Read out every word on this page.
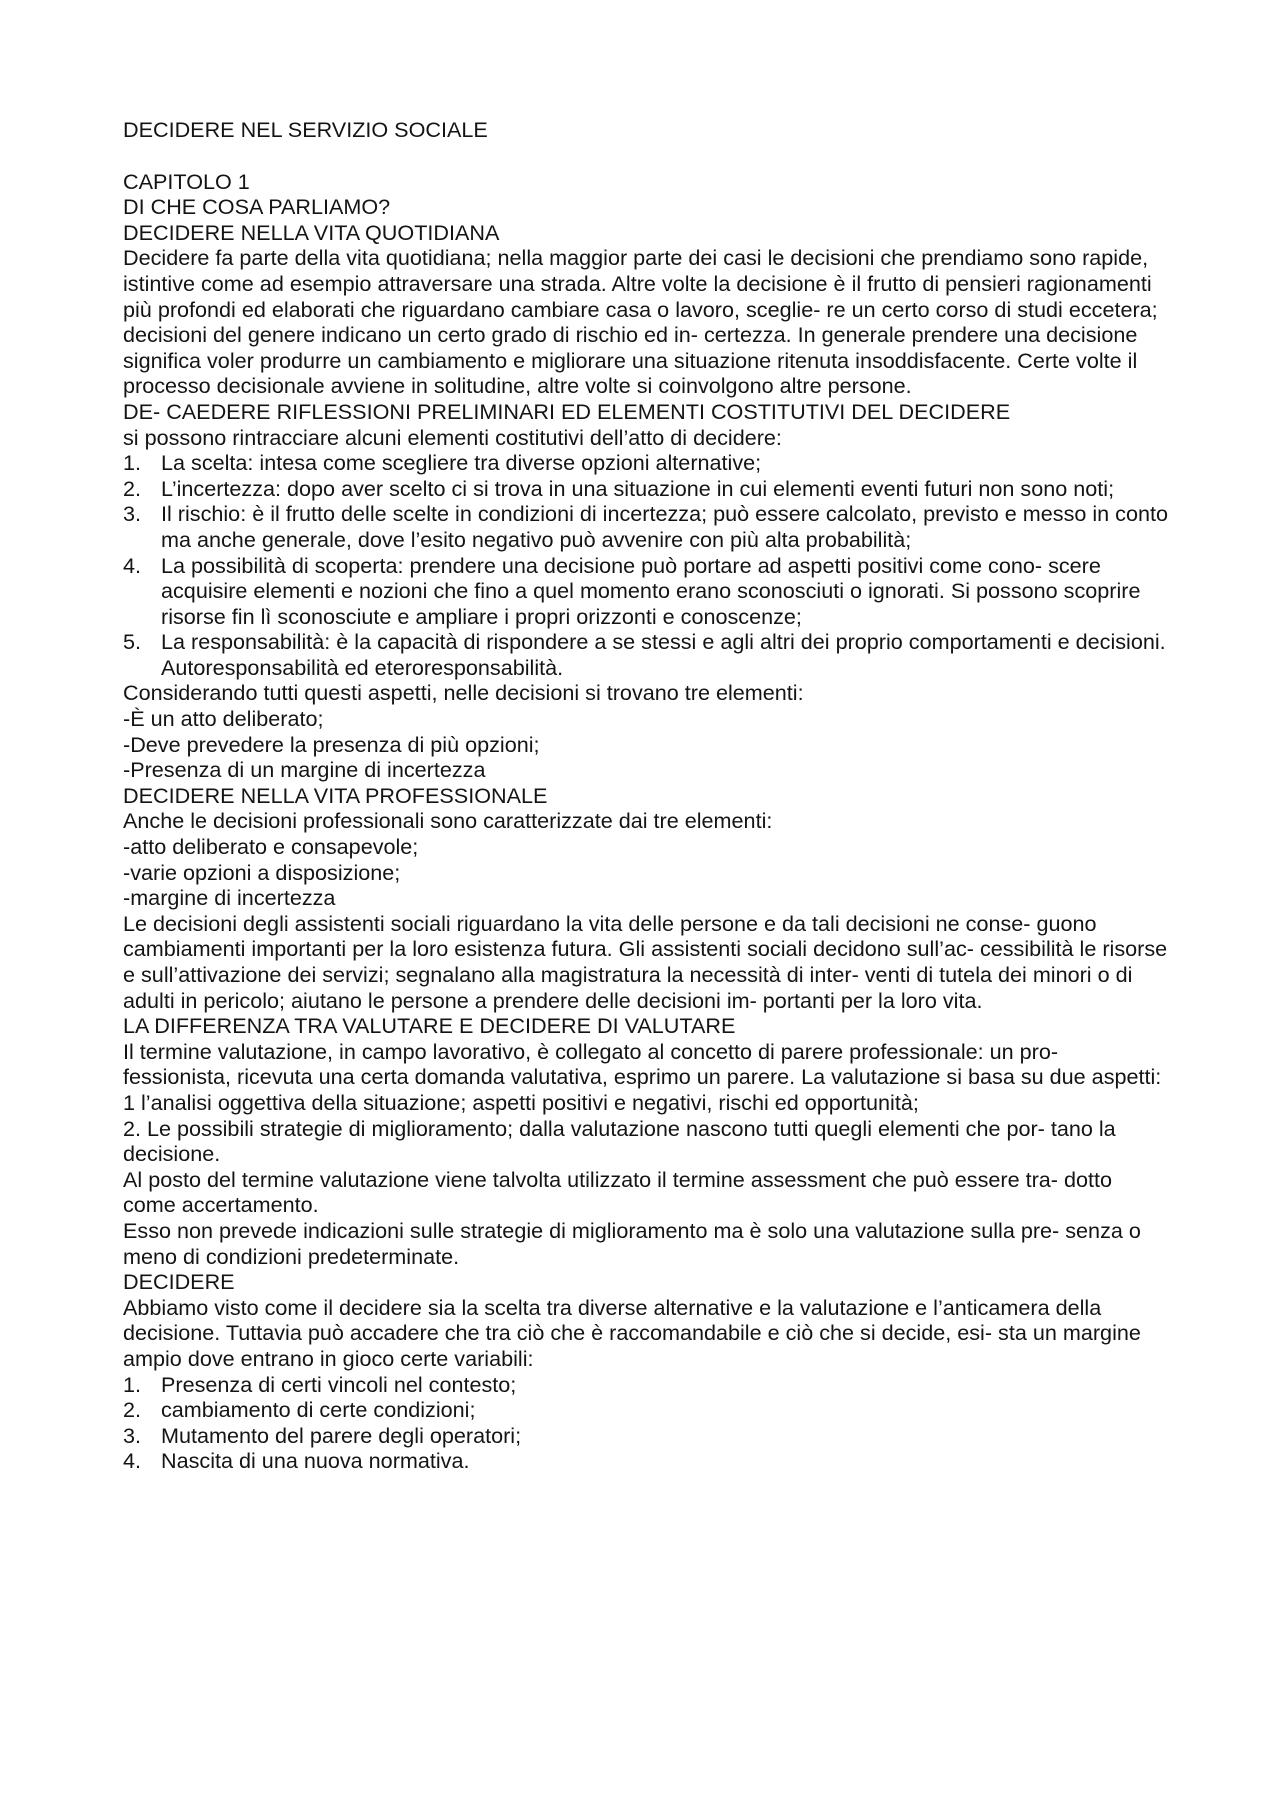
DECIDERE NEL SERVIZIO SOCIALE

CAPITOLO 1

DI CHE COSA PARLIAMO?

DECIDERE NELLA VITA QUOTIDIANA

Decidere fa parte della vita quotidiana; nella maggior parte dei casi le decisioni che prendiamo sono rapide, istintive come ad esempio attraversare una strada. Altre volte la decisione è il frutto di pensieri ragionamenti più profondi ed elaborati che riguardano cambiare casa o lavoro, sceglie- re un certo corso di studi eccetera; decisioni del genere indicano un certo grado di rischio ed in- certezza. In generale prendere una decisione significa voler produrre un cambiamento e migliorare una situazione ritenuta insoddisfacente. Certe volte il processo decisionale avviene in solitudine, altre volte si coinvolgono altre persone.

DE- CAEDERE RIFLESSIONI PRELIMINARI ED ELEMENTI COSTITUTIVI DEL DECIDERE

si possono rintracciare alcuni elementi costitutivi dell’atto di decidere:

1. La scelta: intesa come scegliere tra diverse opzioni alternative;
2. L’incertezza: dopo aver scelto ci si trova in una situazione in cui elementi eventi futuri non sono noti;
3. Il rischio: è il frutto delle scelte in condizioni di incertezza; può essere calcolato, previsto e messo in conto ma anche generale, dove l’esito negativo può avvenire con più alta probabilità;
4. La possibilità di scoperta: prendere una decisione può portare ad aspetti positivi come cono- scere acquisire elementi e nozioni che fino a quel momento erano sconosciuti o ignorati. Si possono scoprire risorse fin lì sconosciute e ampliare i propri orizzonti e conoscenze;
5. La responsabilità: è la capacità di rispondere a se stessi e agli altri dei proprio comportamenti e decisioni. Autoresponsabilità ed eteroresponsabilità.

Considerando tutti questi aspetti, nelle decisioni si trovano tre elementi:

-È un atto deliberato;

-Deve prevedere la presenza di più opzioni;

-Presenza di un margine di incertezza

DECIDERE NELLA VITA PROFESSIONALE

Anche le decisioni professionali sono caratterizzate dai tre elementi:

-atto deliberato e consapevole;

-varie opzioni a disposizione;

-margine di incertezza

Le decisioni degli assistenti sociali riguardano la vita delle persone e da tali decisioni ne conse- guono cambiamenti importanti per la loro esistenza futura. Gli assistenti sociali decidono sull’ac- cessibilità le risorse e sull’attivazione dei servizi; segnalano alla magistratura la necessità di inter- venti di tutela dei minori o di adulti in pericolo; aiutano le persone a prendere delle decisioni im- portanti per la loro vita.

LA DIFFERENZA TRA VALUTARE E DECIDERE DI VALUTARE

Il termine valutazione, in campo lavorativo, è collegato al concetto di parere professionale: un pro- fessionista, ricevuta una certa domanda valutativa, esprimo un parere. La valutazione si basa su due aspetti:

1 l’analisi oggettiva della situazione; aspetti positivi e negativi, rischi ed opportunità;

2. Le possibili strategie di miglioramento; dalla valutazione nascono tutti quegli elementi che por- tano la decisione.

Al posto del termine valutazione viene talvolta utilizzato il termine assessment che può essere tra- dotto come accertamento.

Esso non prevede indicazioni sulle strategie di miglioramento ma è solo una valutazione sulla pre- senza o meno di condizioni predeterminate.

DECIDERE

Abbiamo visto come il decidere sia la scelta tra diverse alternative e la valutazione e l’anticamera della decisione. Tuttavia può accadere che tra ciò che è raccomandabile e ciò che si decide, esi- sta un margine ampio dove entrano in gioco certe variabili:

1. Presenza di certi vincoli nel contesto;
2. cambiamento di certe condizioni;
3. Mutamento del parere degli operatori;
4. Nascita di una nuova normativa.
